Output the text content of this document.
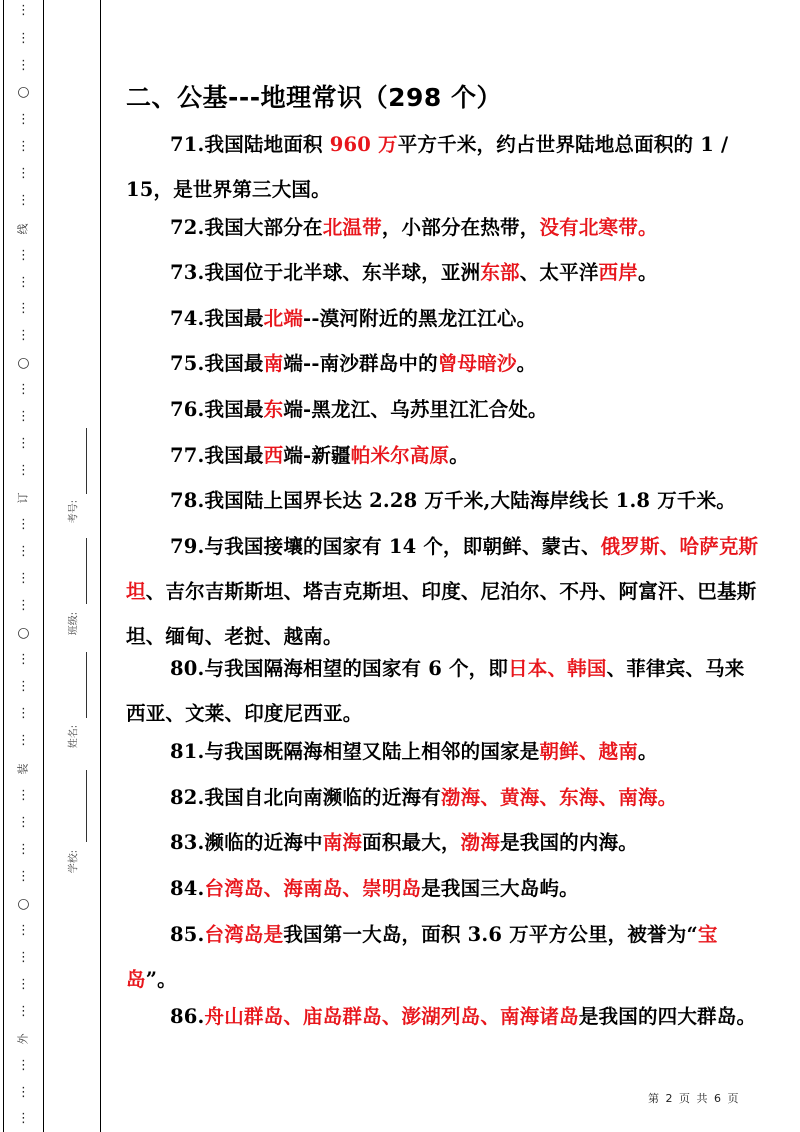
⋮
⋮
⋮
○
⋮
⋮
⋮
⋮
线
⋮
⋮
⋮
⋮
○
⋮
⋮
⋮
⋮
订
⋮
⋮
⋮
⋮
○
⋮
⋮
⋮
装
⋮
⋮
⋮
⋮
⋮
○
⋮
⋮
⋮
⋮
外
⋮
⋮
⋮
考号:
班级:
姓名:
学校:
二、公基---地理常识（298 个）
71.我国陆地面积 960 万平方千米，约占世界陆地总面积的 1 / 15，是世界第三大国。
72.我国大部分在北温带，小部分在热带，没有北寒带。
73.我国位于北半球、东半球，亚洲东部、太平洋西岸。
74.我国最北端--漠河附近的黑龙江江心。
75.我国最南端--南沙群岛中的曾母暗沙。
76.我国最东端-黑龙江、乌苏里江汇合处。
77.我国最西端-新疆帕米尔高原。
78.我国陆上国界长达 2.28 万千米,大陆海岸线长 1.8 万千米。
79.与我国接壤的国家有 14 个，即朝鲜、蒙古、俄罗斯、哈萨克斯坦、吉尔吉斯斯坦、塔吉克斯坦、印度、尼泊尔、不丹、阿富汗、巴基斯坦、缅甸、老挝、越南。
80.与我国隔海相望的国家有 6 个，即日本、韩国、菲律宾、马来西亚、文莱、印度尼西亚。
81.与我国既隔海相望又陆上相邻的国家是朝鲜、越南。
82.我国自北向南濒临的近海有渤海、黄海、东海、南海。
83.濒临的近海中南海面积最大，渤海是我国的内海。
84.台湾岛、海南岛、崇明岛是我国三大岛屿。
85.台湾岛是我国第一大岛，面积 3.6 万平方公里，被誉为“宝岛”。
86.舟山群岛、庙岛群岛、澎湖列岛、南海诸岛是我国的四大群岛。
第 2 页 共 6 页
